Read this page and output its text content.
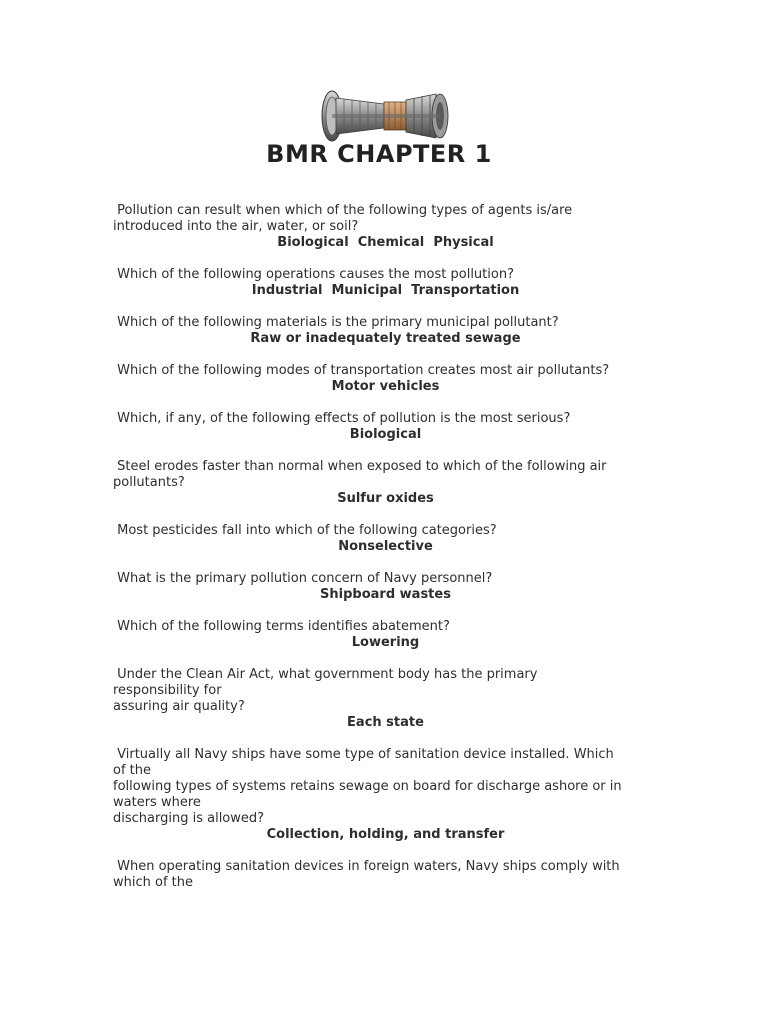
BMR CHAPTER 1
Pollution can result when which of the following types of agents is/are
introduced into the air, water, or soil?
Biological  Chemical  Physical
Which of the following operations causes the most pollution?
Industrial  Municipal  Transportation
Which of the following materials is the primary municipal pollutant?
Raw or inadequately treated sewage
Which of the following modes of transportation creates most air pollutants?
Motor vehicles
Which, if any, of the following effects of pollution is the most serious?
Biological
Steel erodes faster than normal when exposed to which of the following air
pollutants?
Sulfur oxides
Most pesticides fall into which of the following categories?
Nonselective
What is the primary pollution concern of Navy personnel?
Shipboard wastes
Which of the following terms identifies abatement?
Lowering
Under the Clean Air Act, what government body has the primary
responsibility for
assuring air quality?
Each state
Virtually all Navy ships have some type of sanitation device installed. Which
of the
following types of systems retains sewage on board for discharge ashore or in
waters where
discharging is allowed?
Collection, holding, and transfer
When operating sanitation devices in foreign waters, Navy ships comply with
which of the
